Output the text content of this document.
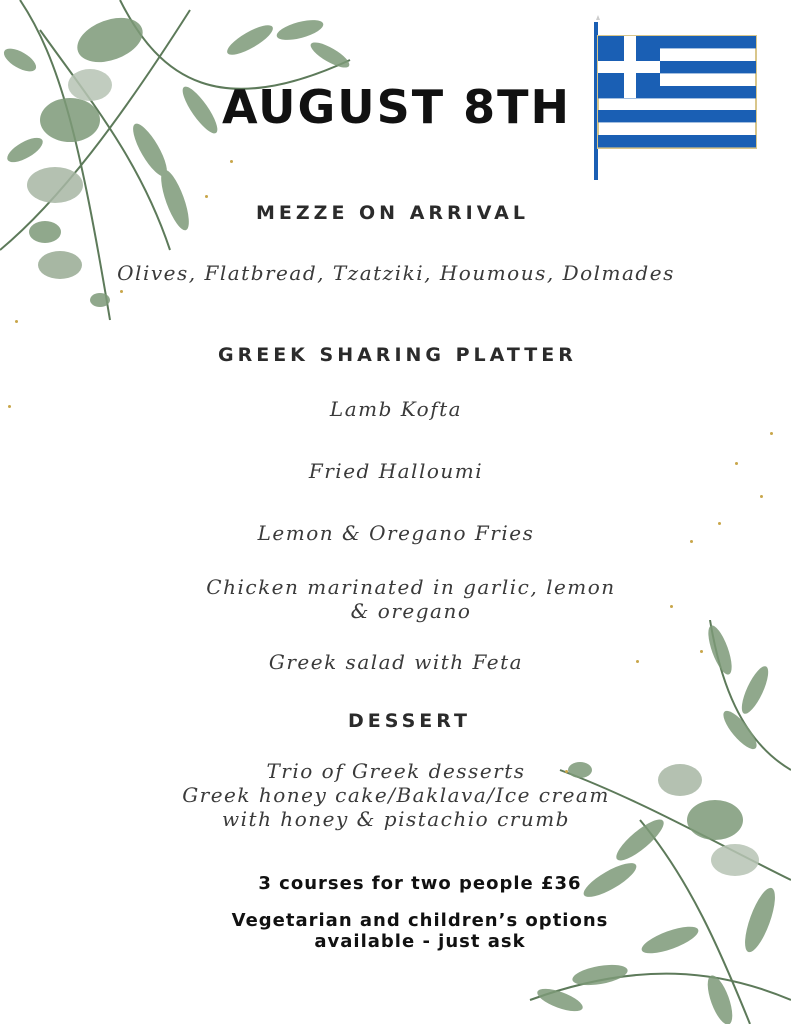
AUGUST 8TH
MEZZE ON ARRIVAL
Olives, Flatbread, Tzatziki, Houmous, Dolmades
GREEK SHARING PLATTER
Lamb Kofta
Fried Halloumi
Lemon & Oregano Fries
Chicken marinated in garlic, lemon & oregano
Greek salad with Feta
DESSERT
Trio of Greek desserts
Greek honey cake/Baklava/Ice cream
with honey & pistachio crumb
3 courses for two people £36
Vegetarian and children’s options
available - just ask
